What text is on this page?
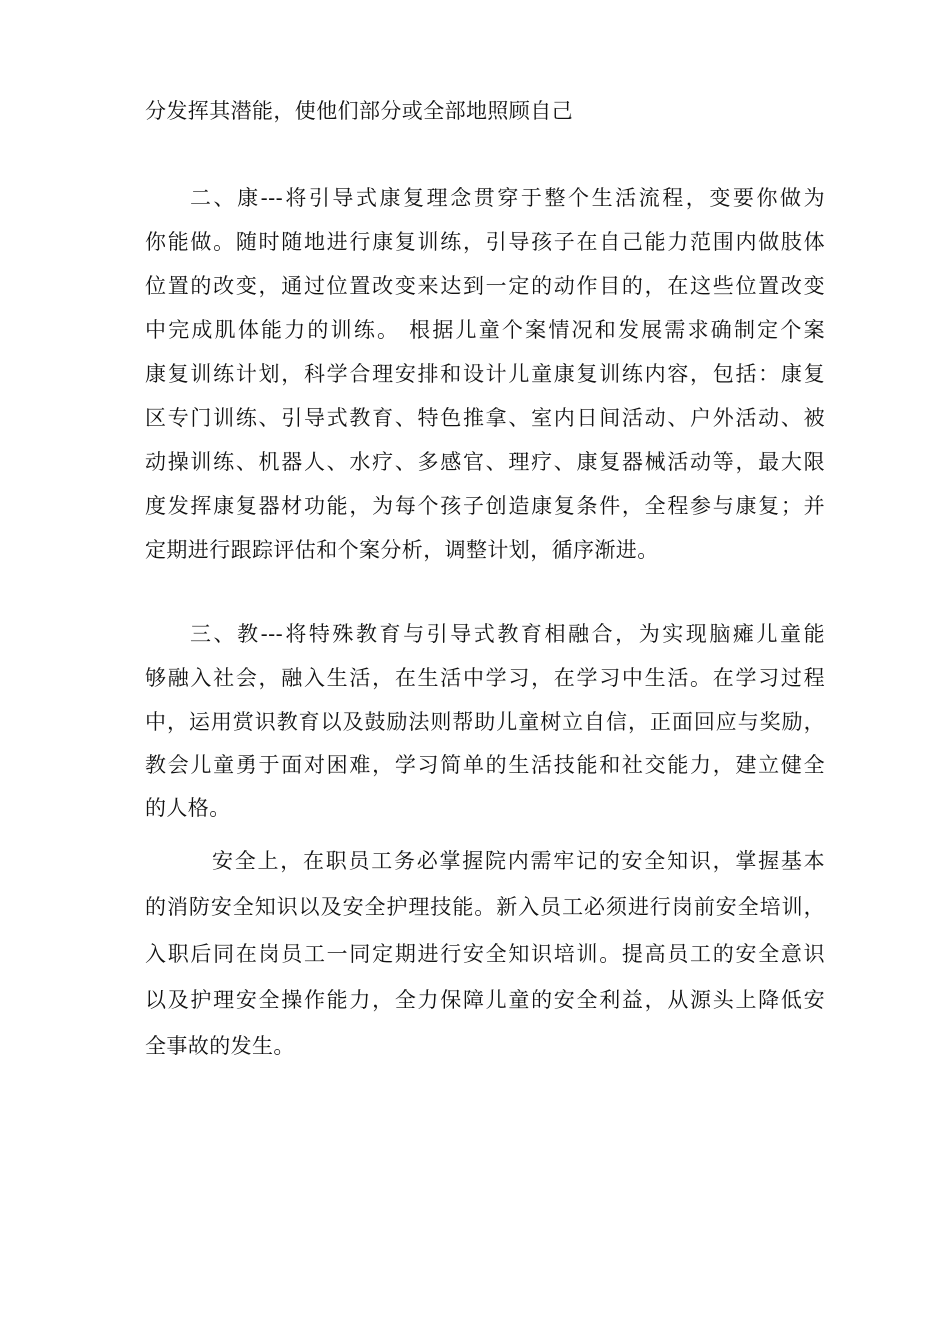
分发挥其潜能，使他们部分或全部地照顾自己
二、康---将引导式康复理念贯穿于整个生活流程，变要你做为
你能做。随时随地进行康复训练，引导孩子在自己能力范围内做肢体
位置的改变，通过位置改变来达到一定的动作目的，在这些位置改变
中完成肌体能力的训练。 根据儿童个案情况和发展需求确制定个案
康复训练计划，科学合理安排和设计儿童康复训练内容，包括：康复
区专门训练、引导式教育、特色推拿、室内日间活动、户外活动、被
动操训练、机器人、水疗、多感官、理疗、康复器械活动等，最大限
度发挥康复器材功能，为每个孩子创造康复条件，全程参与康复；并
定期进行跟踪评估和个案分析，调整计划，循序渐进。
三、教---将特殊教育与引导式教育相融合，为实现脑瘫儿童能
够融入社会，融入生活，在生活中学习，在学习中生活。在学习过程
中，运用赏识教育以及鼓励法则帮助儿童树立自信，正面回应与奖励，
教会儿童勇于面对困难，学习简单的生活技能和社交能力，建立健全
的人格。
安全上，在职员工务必掌握院内需牢记的安全知识，掌握基本
的消防安全知识以及安全护理技能。新入员工必须进行岗前安全培训，
入职后同在岗员工一同定期进行安全知识培训。提高员工的安全意识
以及护理安全操作能力，全力保障儿童的安全利益，从源头上降低安
全事故的发生。
